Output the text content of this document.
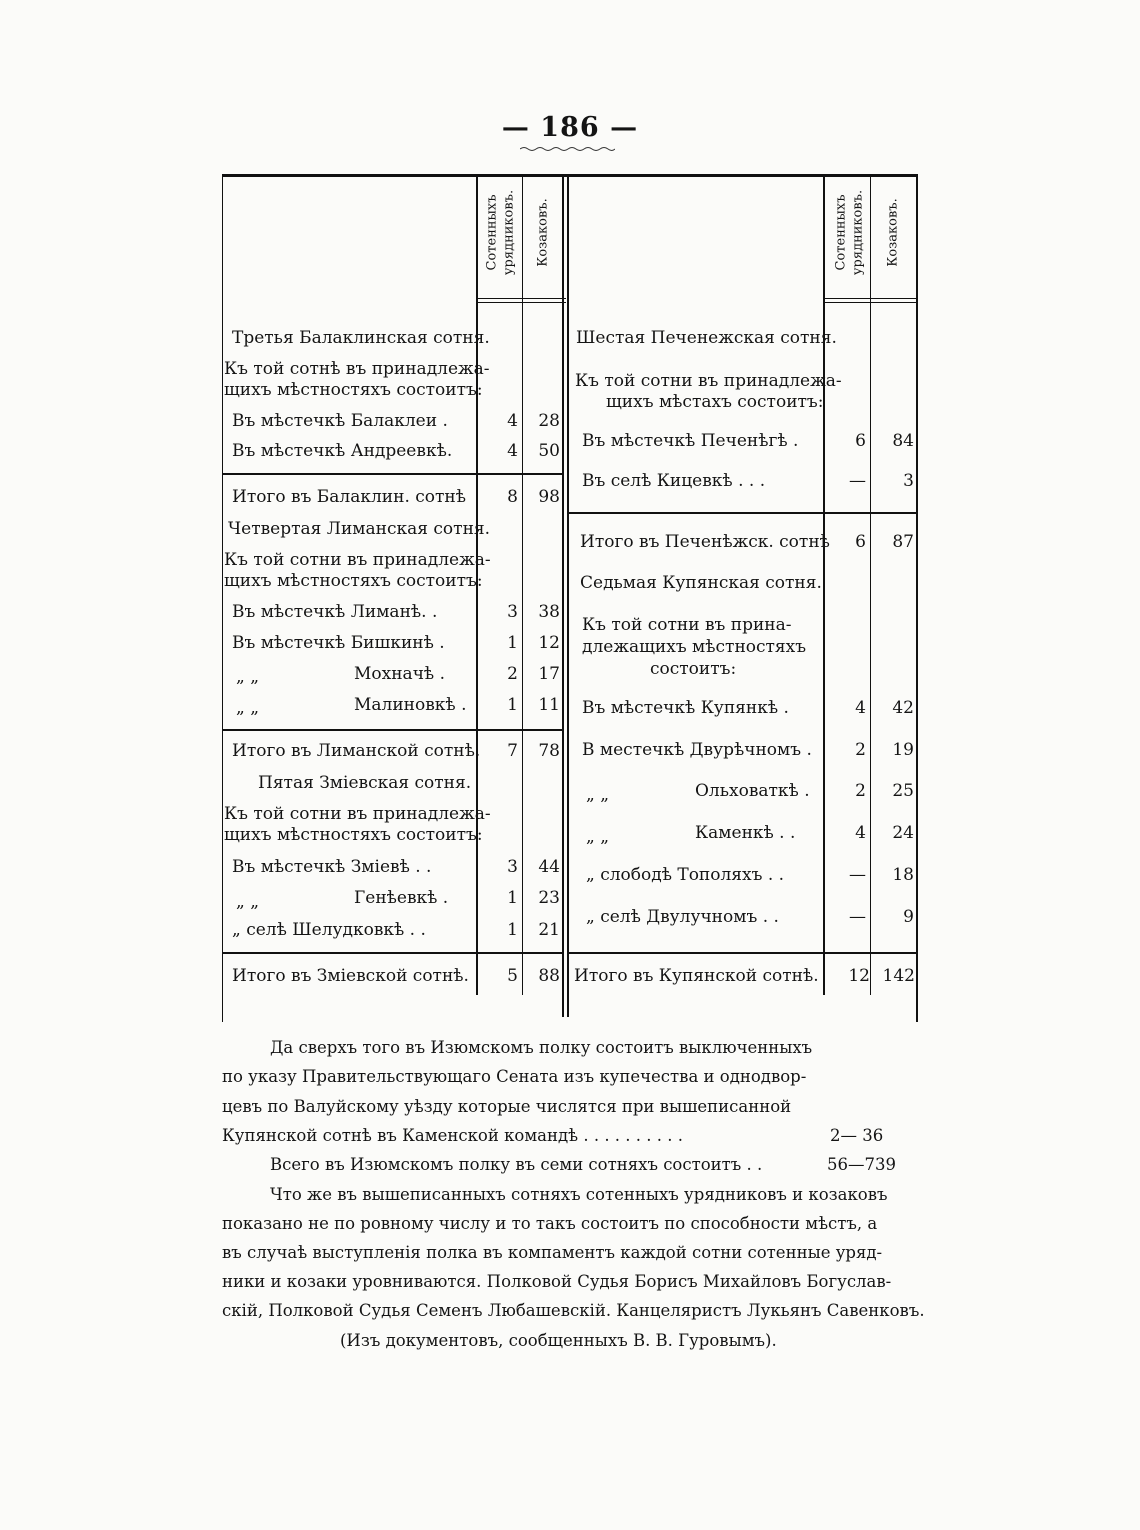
— 186 —
Сотенныхъ урядниковъ. Козаковъ.	Сотенныхъ урядниковъ. Козаковъ.
Третья Балаклинская сотня.
Къ той сотнѣ въ принадлежа-
щихъ мѣстностяхъ состоитъ:
Въ мѣстечкѣ Балаклеи .	4	28
Въ мѣстечкѣ Андреевкѣ.	4	50
Итого въ Балаклин. сотнѣ	8	98
Четвертая Лиманская сотня.
Къ той сотни въ принадлежа-
щихъ мѣстностяхъ состоитъ:
Въ мѣстечкѣ Лиманѣ. .	3	38
Въ мѣстечкѣ Бишкинѣ .	1	12
„ „	Мохначѣ .	2	17
„ „	Малиновкѣ .	1	11
Итого въ Лиманской сотнѣ.	7	78
Пятая Зміевская сотня.
Къ той сотни въ принадлежа-
щихъ мѣстностяхъ состоитъ:
Въ мѣстечкѣ Зміевѣ . .	3	44
„ „	Генѣевкѣ .	1	23
„ селѣ Шелудковкѣ . .	1	21
Итого въ Зміевской сотнѣ.	5	88
Шестая Печенежская сотня.
Къ той сотни въ принадлежа-
щихъ мѣстахъ состоитъ:
Въ мѣстечкѣ Печенѣгѣ .	6	84
Въ селѣ Кицевкѣ . . .	—	3
Итого въ Печенѣжск. сотнѣ	6	87
Седьмая Купянская сотня.
Къ той сотни въ прина-
длежащихъ мѣстностяхъ
состоитъ:
Въ мѣстечкѣ Купянкѣ .	4	42
В местечкѣ Двурѣчномъ .	2	19
„ „	Ольховаткѣ .	2	25
„ „	Каменкѣ . .	4	24
„ слободѣ Тополяхъ . .	—	18
„ селѣ Двулучномъ . .	—	9
Итого въ Купянской сотнѣ.	12 142
Да сверхъ того въ Изюмскомъ полку состоитъ выключенныхъ
по указу Правительствующаго Сената изъ купечества и однодвор-
цевъ по Валуйскому уѣзду которые числятся при вышеписанной
Купянской сотнѣ въ Каменской командѣ . . . . . . . . . .	2— 36
Всего въ Изюмскомъ полку въ семи сотняхъ состоитъ . .	56—739
Что же въ вышеписанныхъ сотняхъ сотенныхъ урядниковъ и козаковъ
показано не по ровному числу и то такъ состоитъ по способности мѣстъ, а
въ случаѣ выступленія полка въ компаментъ каждой сотни сотенные уряд-
ники и козаки уровниваются. Полковой Судья Борисъ Михайловъ Богуслав-
скій, Полковой Судья Семенъ Любашевскій. Канцеляристъ Лукьянъ Савенковъ.
(Изъ документовъ, сообщенныхъ В. В. Гуровымъ).
